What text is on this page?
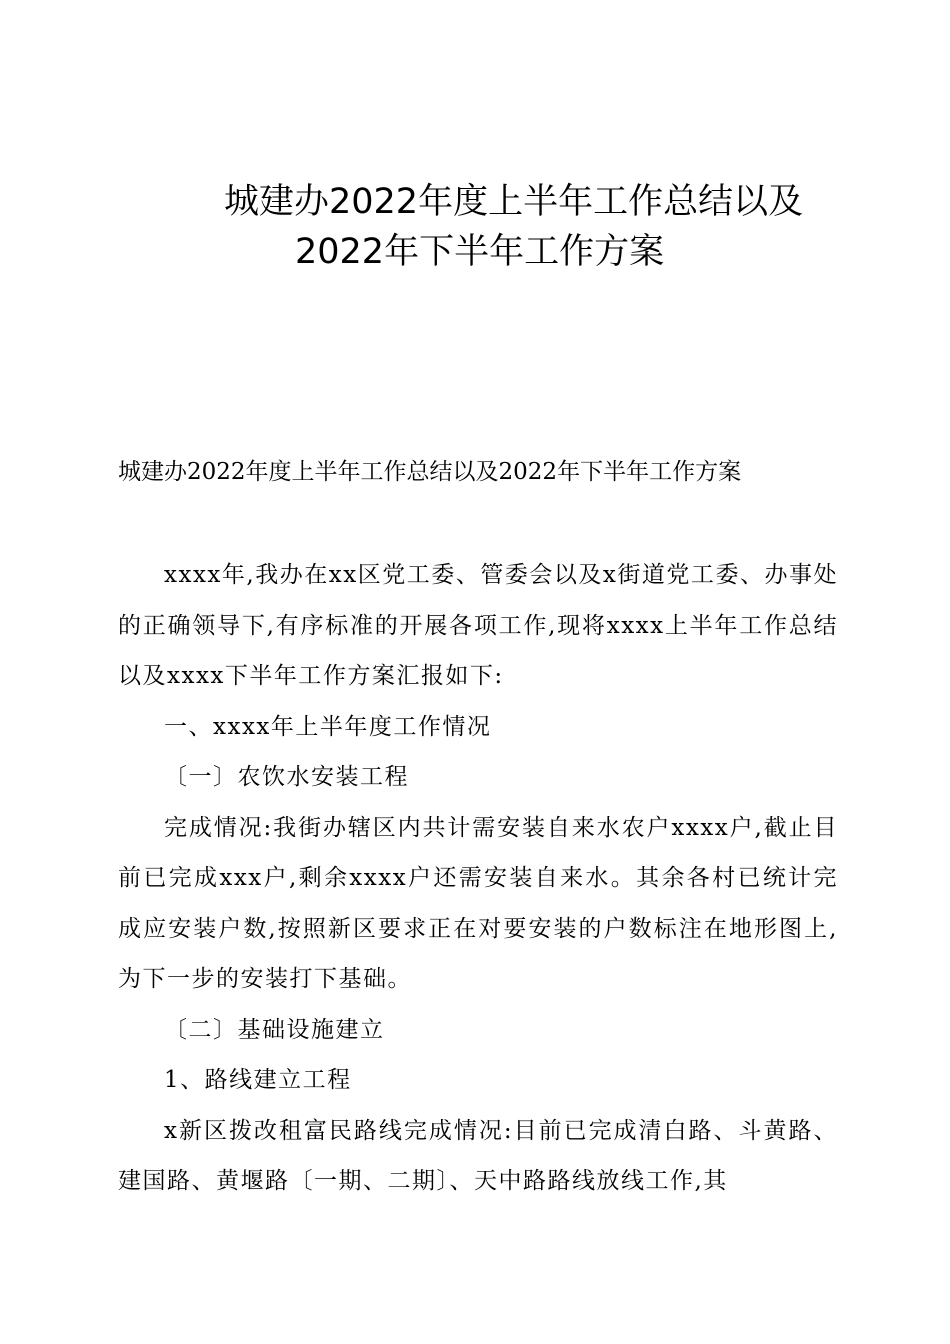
城建办2022年度上半年工作总结以及
2022年下半年工作方案
城建办2022年度上半年工作总结以及2022年下半年工作方案

xxxx年,我办在xx区党工委、管委会以及x街道党工委、办事处的正确领导下,有序标准的开展各项工作,现将xxxx上半年工作总结以及xxxx下半年工作方案汇报如下:

一、xxxx年上半年度工作情况

〔一〕农饮水安装工程

完成情况:我街办辖区内共计需安装自来水农户xxxx户,截止目前已完成xxx户,剩余xxxx户还需安装自来水。其余各村已统计完成应安装户数,按照新区要求正在对要安装的户数标注在地形图上,为下一步的安装打下基础。

〔二〕基础设施建立

1、路线建立工程

x新区拨改租富民路线完成情况:目前已完成清白路、斗黄路、建国路、黄堰路〔一期、二期〕、天中路路线放线工作,其
